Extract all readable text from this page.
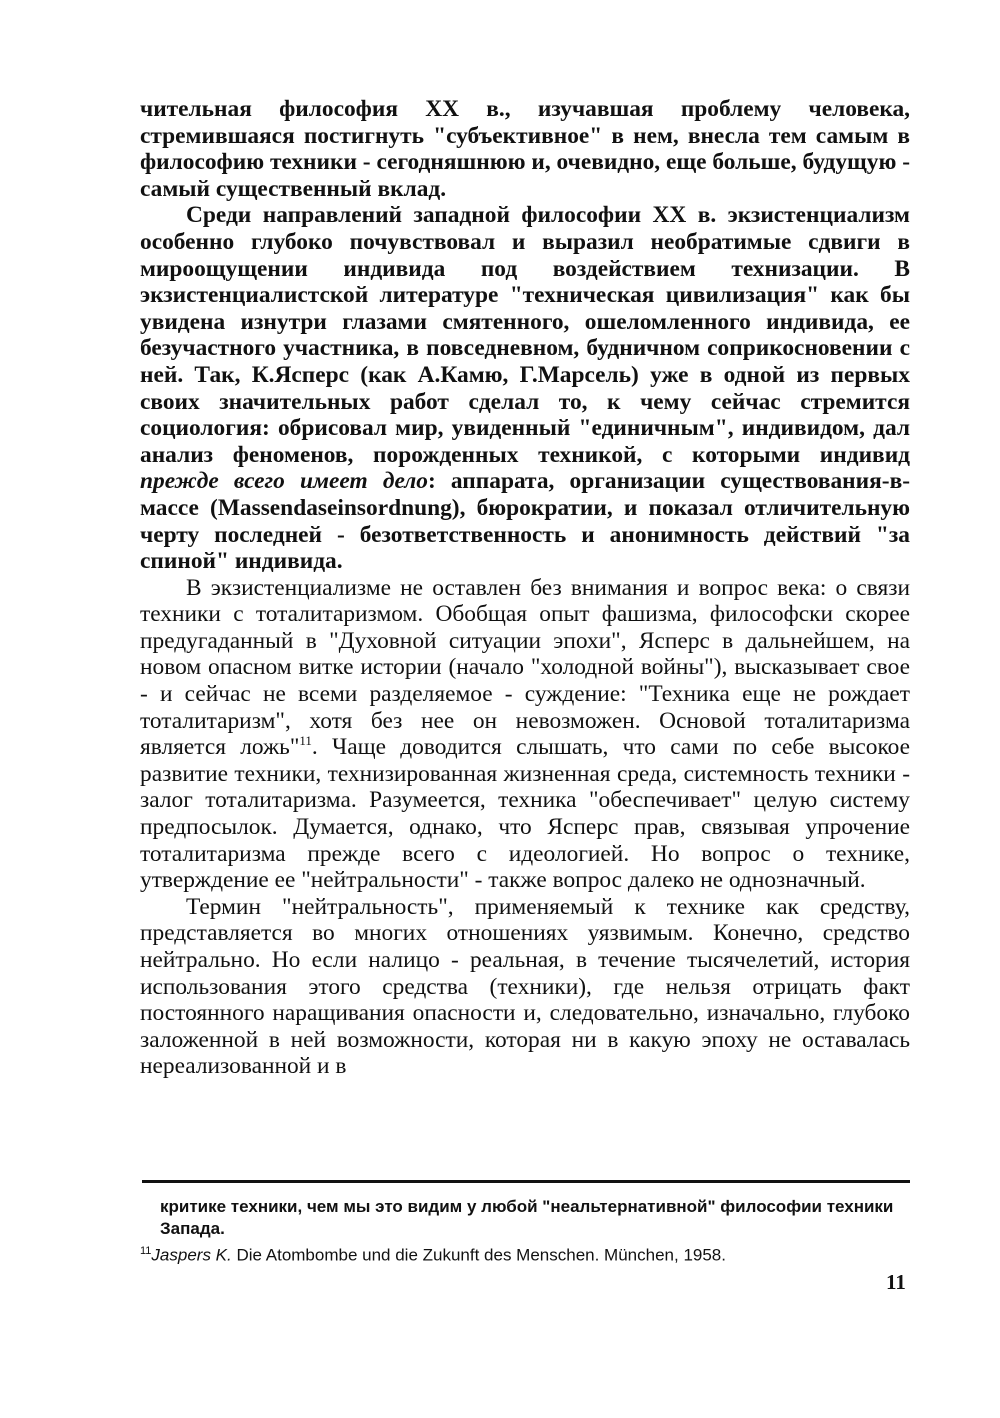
чительная философия XX в., изучавшая проблему человека, стремившаяся постигнуть "субъективное" в нем, внесла тем самым в философию техники - сегодняшнюю и, очевидно, еще больше, будущую - самый существенный вклад.

Среди направлений западной философии XX в. экзистенциализм особенно глубоко почувствовал и выразил необратимые сдвиги в мироощущении индивида под воздействием технизации. В экзистенциалистской литературе "техническая цивилизация" как бы увидена изнутри глазами смятенного, ошеломленного индивида, ее безучастного участника, в повседневном, будничном соприкосновении с ней. Так, К.Ясперс (как А.Камю, Г.Марсель) уже в одной из первых своих значительных работ сделал то, к чему сейчас стремится социология: обрисовал мир, увиденный "единичным", индивидом, дал анализ феноменов, порожденных техникой, с которыми индивид прежде всего имеет дело: аппарата, организации существования-в-массе (Massendaseinsordnung), бюрократии, и показал отличительную черту последней - безответственность и анонимность действий "за спиной" индивида.

В экзистенциализме не оставлен без внимания и вопрос века: о связи техники с тоталитаризмом. Обобщая опыт фашизма, философски скорее предугаданный в "Духовной ситуации эпохи", Ясперс в дальнейшем, на новом опасном витке истории (начало "холодной войны"), высказывает свое - и сейчас не всеми разделяемое - суждение: "Техника еще не рождает тоталитаризм", хотя без нее он невозможен. Основой тоталитаризма является ложь"$^{11}$. Чаще доводится слышать, что сами по себе высокое развитие техники, технизированная жизненная среда, системность техники - залог тоталитаризма. Разумеется, техника "обеспечивает" целую систему предпосылок. Думается, однако, что Ясперс прав, связывая упрочение тоталитаризма прежде всего с идеологией. Но вопрос о технике, утверждение ее "нейтральности" - также вопрос далеко не однозначный.

Термин "нейтральность", применяемый к технике как средству, представляется во многих отношениях уязвимым. Конечно, средство нейтрально. Но если налицо - реальная, в течение тысячелетий, история использования этого средства (техники), где нельзя отрицать факт постоянного наращивания опасности и, следовательно, изначально, глубоко заложенной в ней возможности, которая ни в какую эпоху не оставалась нереализованной и в

критике техники, чем мы это видим у любой "неальтернативной" философии техники Запада.

$^{11}$Jaspers K. Die Atombombe und die Zukunft des Menschen. München, 1958.

11
